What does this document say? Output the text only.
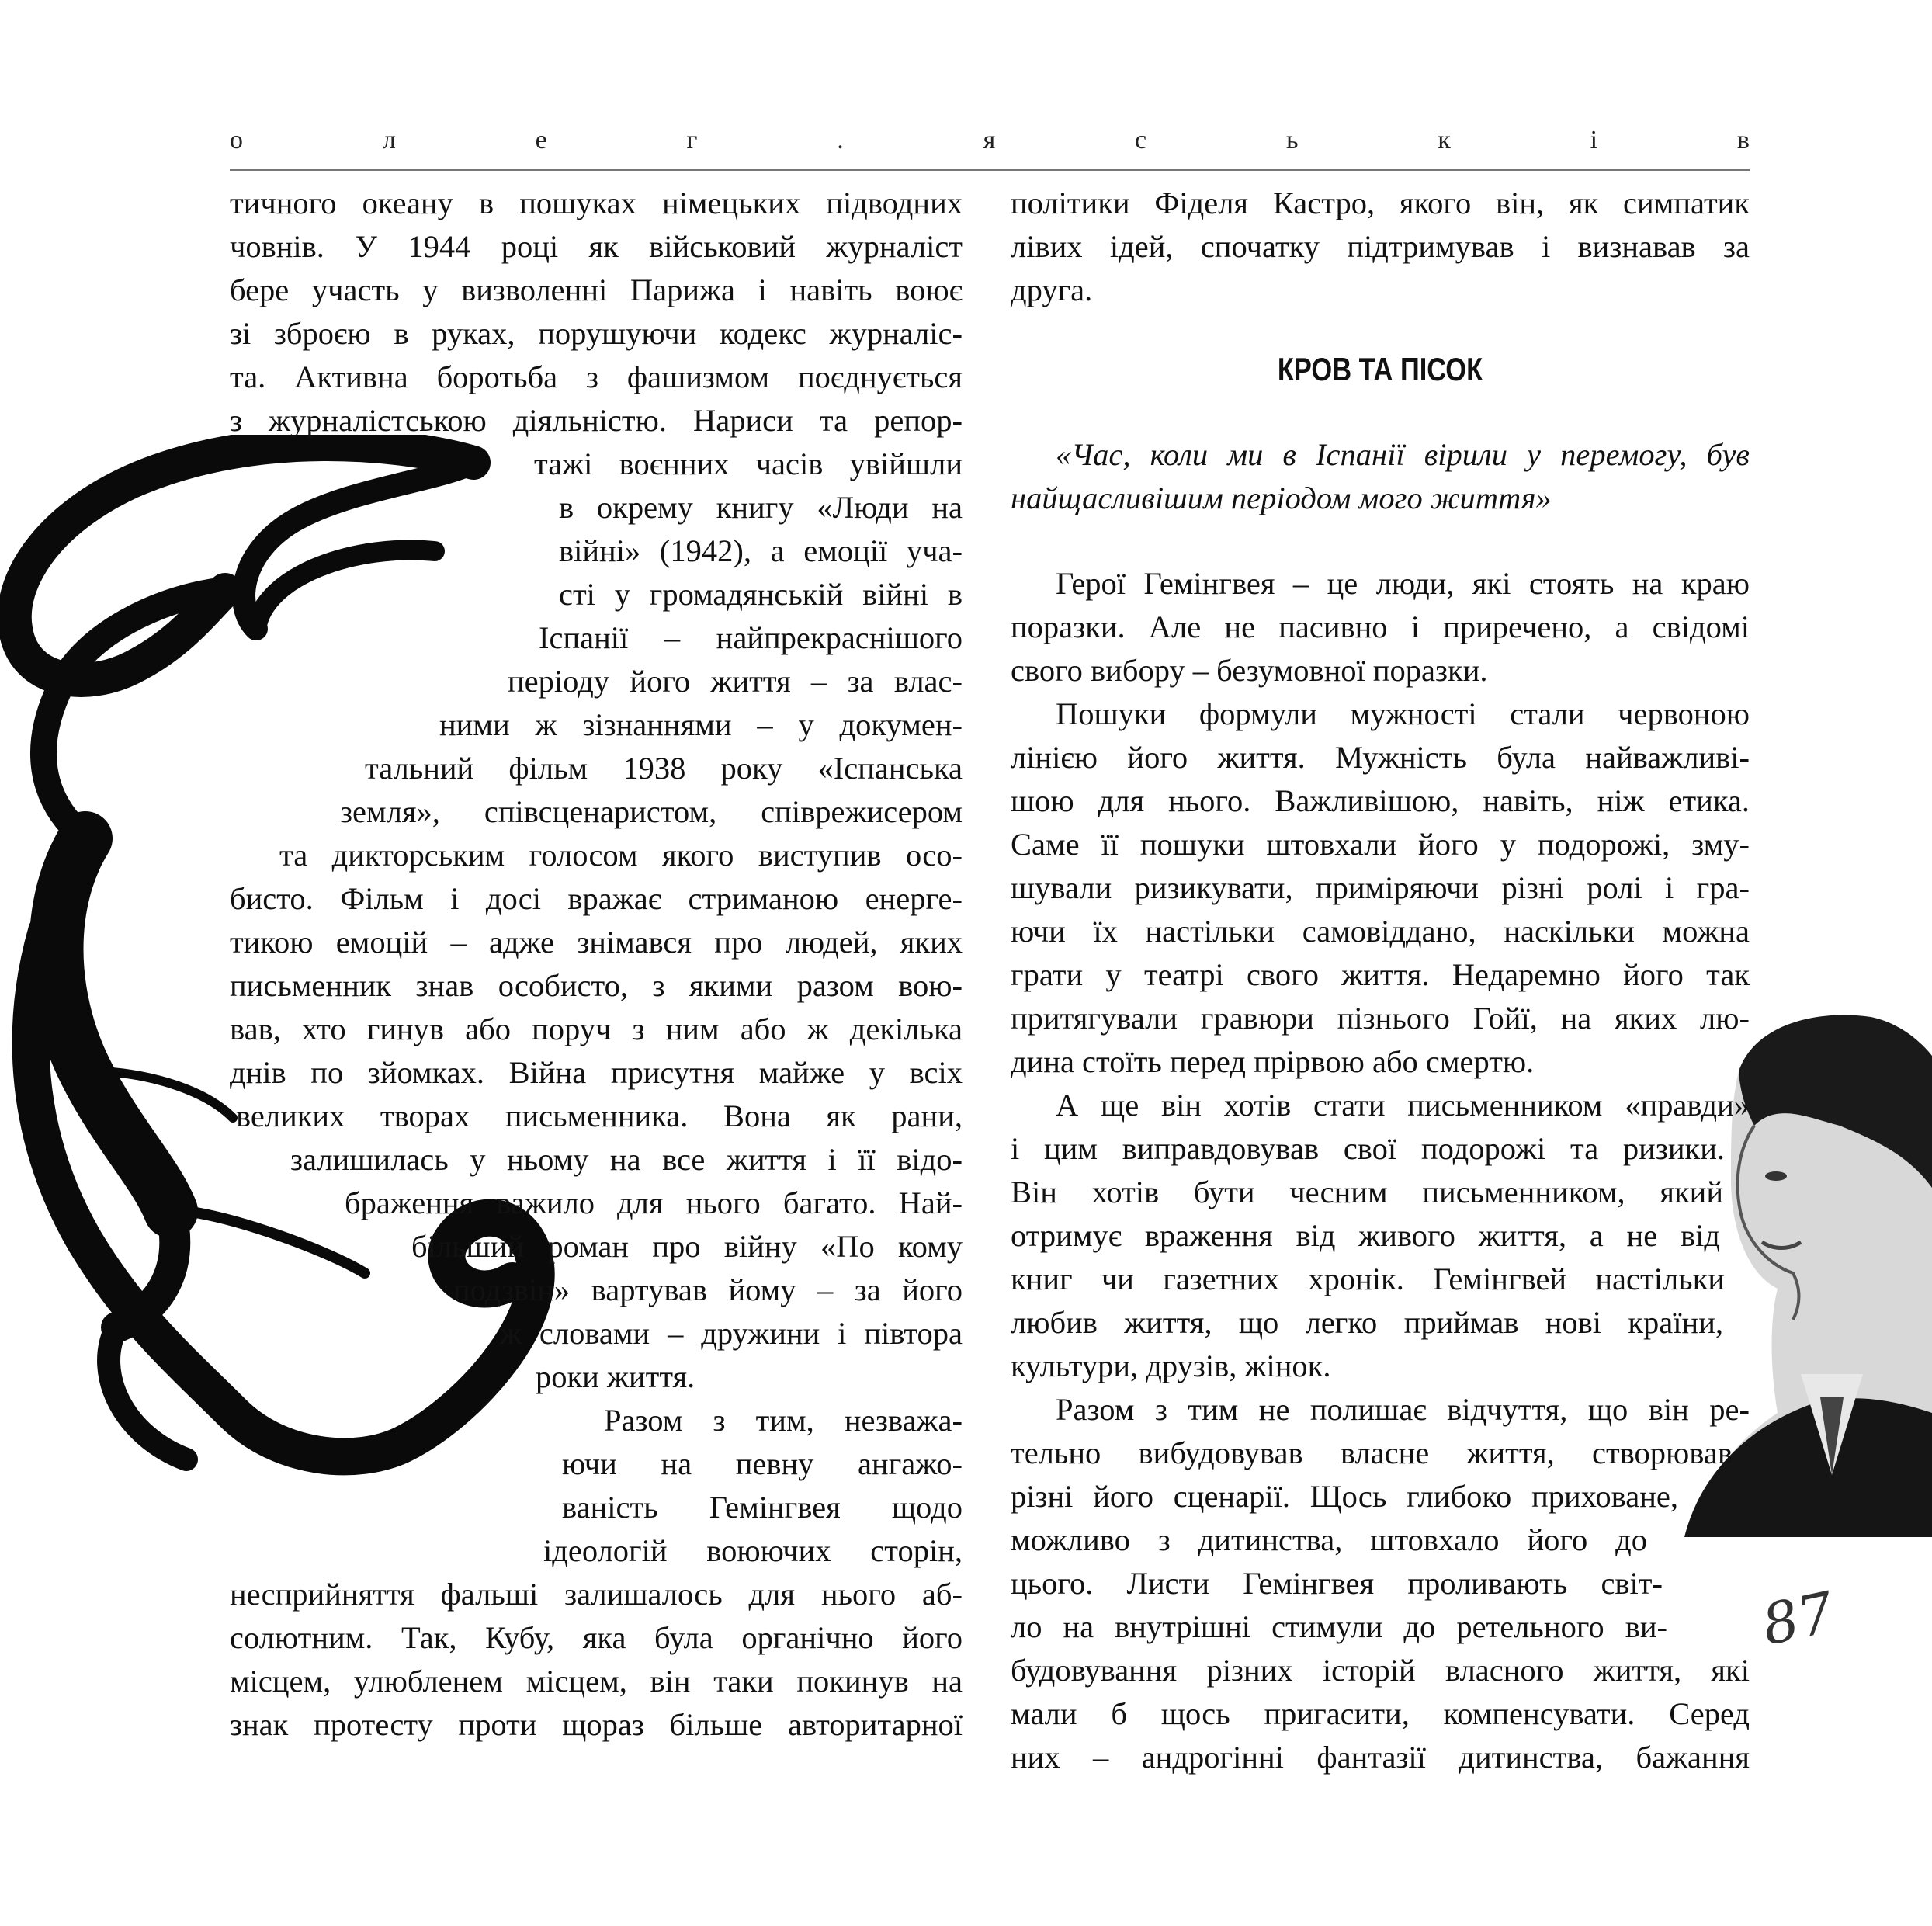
о	л	е	г	.	я	с	ь	к	і	в
тичного океану в пошуках німецьких підводних
човнів. У 1944 році як військовий журналіст
бере участь у визволенні Парижа і навіть воює
зі зброєю в руках, порушуючи кодекс журналіс-
та. Активна боротьба з фашизмом поєднується
з журналістською діяльністю. Нариси та репор-
тажі воєнних часів увійшли
в окрему книгу «Люди на
війні» (1942), а емоції уча-
сті у громадянській війні в
Іспанії – найпрекраснішого
періоду його життя – за влас-
ними ж зізнаннями – у докумен-
тальний фільм 1938 року «Іспанська
земля», співсценаристом, співрежисером
та дикторським голосом якого виступив осо-
бисто. Фільм і досі вражає стриманою енерге-
тикою емоцій – адже знімався про людей, яких
письменник знав особисто, з якими разом вою-
вав, хто гинув або поруч з ним або ж декілька
днів по зйомках. Війна присутня майже у всіх
великих творах письменника. Вона як рани,
залишилась у ньому на все життя і її відо-
браження важило для нього багато. Най-
більший роман про війну «По кому
подзвін» вартував йому – за його
ж словами – дружини і півтора
роки життя.
Разом з тим, незважа-
ючи на певну ангажо-
ваність Гемінгвея щодо
ідеологій воюючих сторін,
несприйняття фальші залишалось для нього аб-
солютним. Так, Кубу, яка була органічно його
місцем, улюбленем місцем, він таки покинув на
знак протесту проти щораз більше авторитарної
політики Фіделя Кастро, якого він, як симпатик
лівих ідей, спочатку підтримував і визнавав за
друга.
КРОВ ТА ПІСОК
«Час, коли ми в Іспанії вірили у перемогу, був
найщасливішим періодом мого життя»
Герої Гемінгвея – це люди, які стоять на краю
поразки. Але не пасивно і приречено, а свідомі
свого вибору – безумовної поразки.
Пошуки формули мужності стали червоною
лінією його життя. Мужність була найважливі-
шою для нього. Важливішою, навіть, ніж етика.
Саме її пошуки штовхали його у подорожі, зму-
шували ризикувати, приміряючи різні ролі і гра-
ючи їх настільки самовіддано, наскільки можна
грати у театрі свого життя. Недаремно його так
притягували гравюри пізнього Гойї, на яких лю-
дина стоїть перед прірвою або смертю.
А ще він хотів стати письменником «правди»
і цим виправдовував свої подорожі та ризики.
Він хотів бути чесним письменником, який
отримує враження від живого життя, а не від
книг чи газетних хронік. Гемінгвей настільки
любив життя, що легко приймав нові країни,
культури, друзів, жінок.
Разом з тим не полишає відчуття, що він ре-
тельно вибудовував власне життя, створював
різні його сценарії. Щось глибоко приховане,
можливо з дитинства, штовхало його до
цього. Листи Гемінгвея проливають світ-
ло на внутрішні стимули до ретельного ви-
будовування різних історій власного життя, які
мали б щось пригасити, компенсувати. Серед
них – андрогінні фантазії дитинства, бажання
87
